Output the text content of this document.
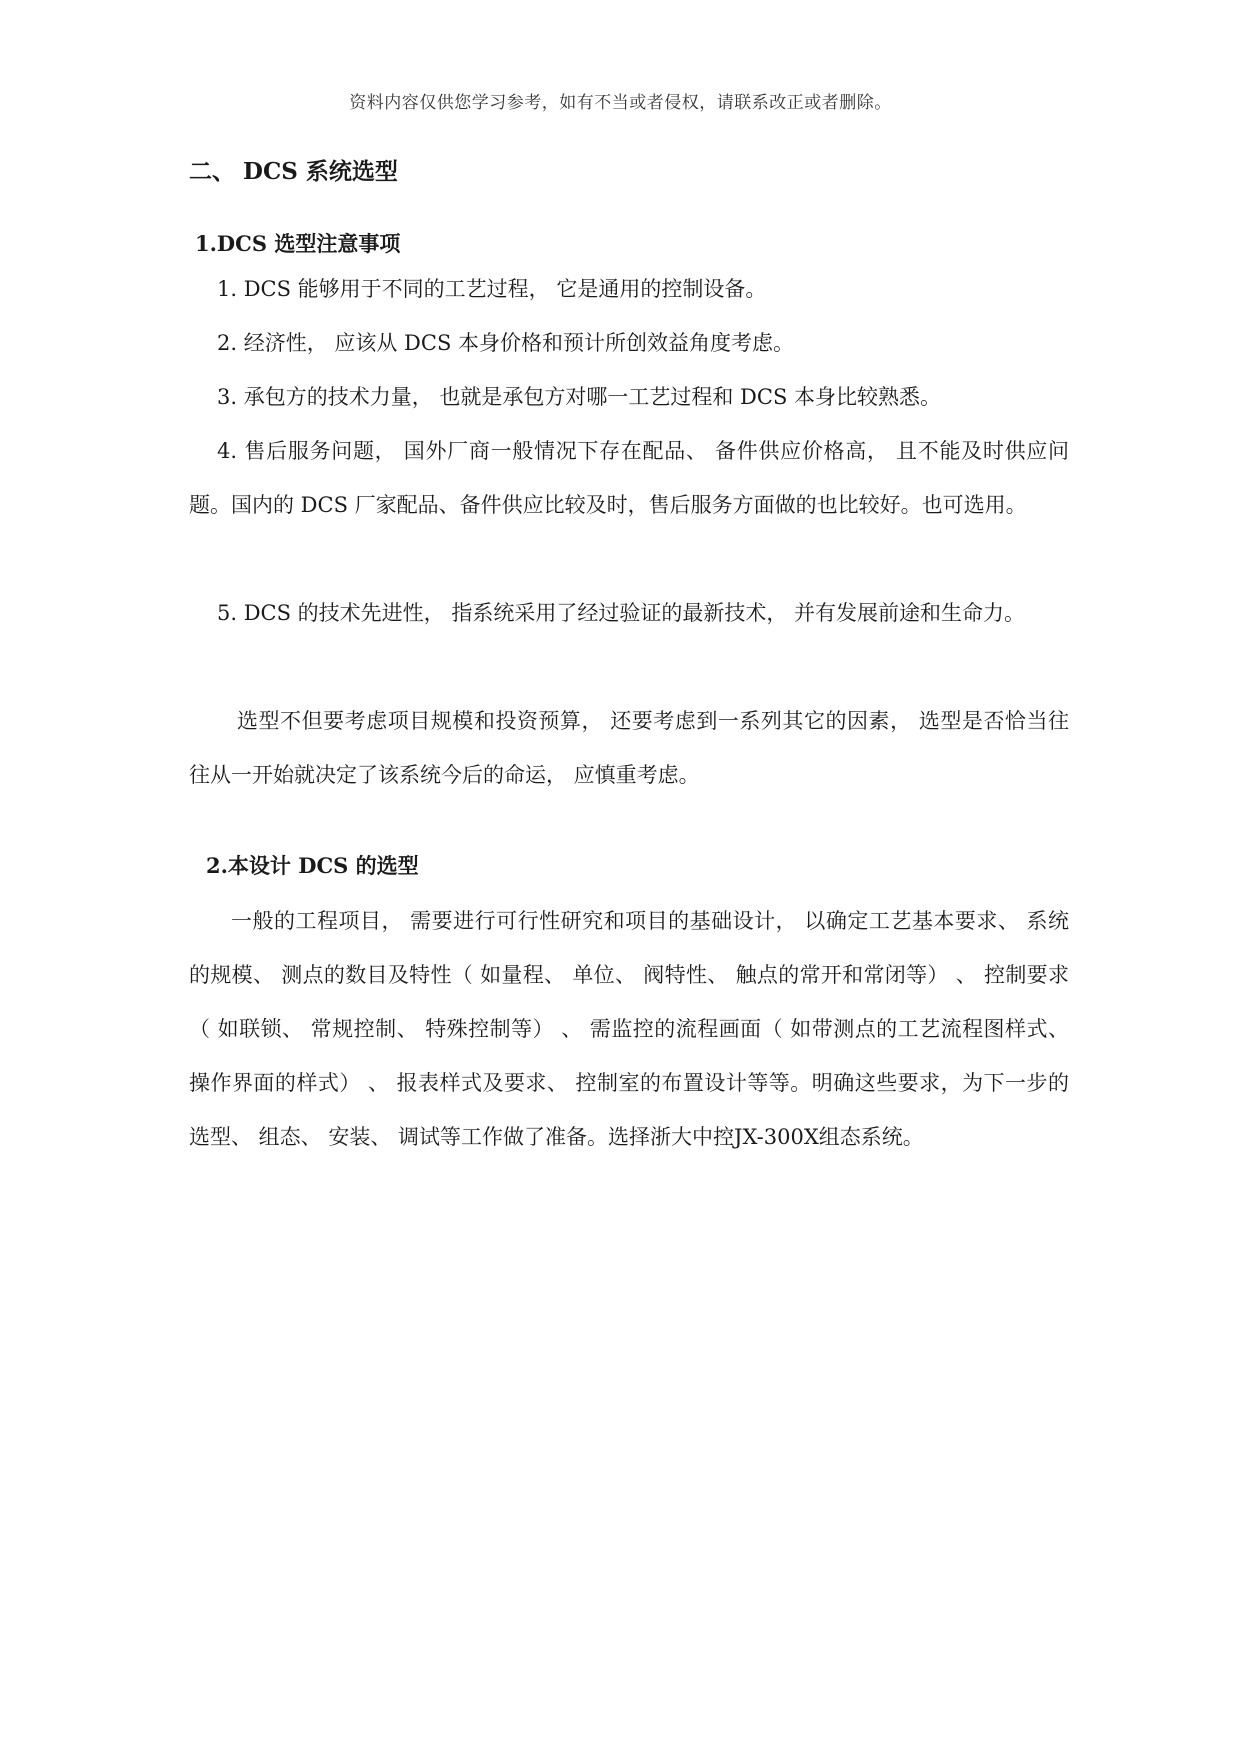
资料内容仅供您学习参考，如有不当或者侵权，请联系改正或者删除。
二、 DCS 系统选型
1.DCS 选型注意事项

1. DCS 能够用于不同的工艺过程， 它是通用的控制设备。

2. 经济性， 应该从 DCS 本身价格和预计所创效益角度考虑。

3. 承包方的技术力量， 也就是承包方对哪一工艺过程和 DCS 本身比较熟悉。

4. 售后服务问题， 国外厂商一般情况下存在配品、 备件供应价格高， 且不能及时供应问题。国内的 DCS 厂家配品、备件供应比较及时，售后服务方面做的也比较好。也可选用。

5. DCS 的技术先进性， 指系统采用了经过验证的最新技术， 并有发展前途和生命力。

选型不但要考虑项目规模和投资预算， 还要考虑到一系列其它的因素， 选型是否恰当往往从一开始就决定了该系统今后的命运， 应慎重考虑。

2.本设计 DCS 的选型

一般的工程项目， 需要进行可行性研究和项目的基础设计， 以确定工艺基本要求、 系统的规模、 测点的数目及特性（ 如量程、 单位、 阀特性、 触点的常开和常闭等） 、 控制要求（ 如联锁、 常规控制、 特殊控制等） 、 需监控的流程画面（ 如带测点的工艺流程图样式、 操作界面的样式） 、 报表样式及要求、 控制室的布置设计等等。明确这些要求，为下一步的选型、 组态、 安装、 调试等工作做了准备。选择浙大中控JX-300X组态系统。
